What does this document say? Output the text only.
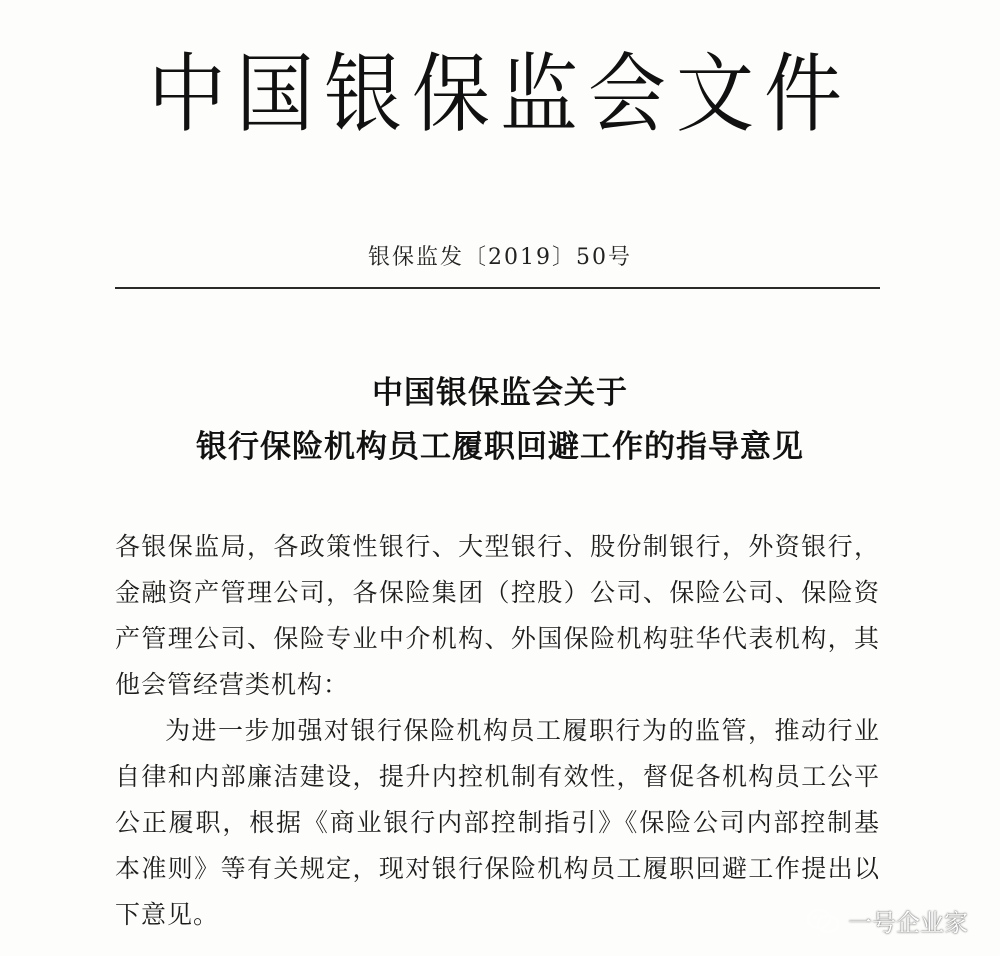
中国银保监会文件
银保监发〔2019〕50号
中国银保监会关于
银行保险机构员工履职回避工作的指导意见

各银保监局，各政策性银行、大型银行、股份制银行，外资银行，金融资产管理公司，各保险集团（控股）公司、保险公司、保险资产管理公司、保险专业中介机构、外国保险机构驻华代表机构，其他会管经营类机构：

为进一步加强对银行保险机构员工履职行为的监管，推动行业自律和内部廉洁建设，提升内控机制有效性，督促各机构员工公平公正履职，根据《商业银行内部控制指引》《保险公司内部控制基本准则》等有关规定，现对银行保险机构员工履职回避工作提出以下意见。	一号企业家
